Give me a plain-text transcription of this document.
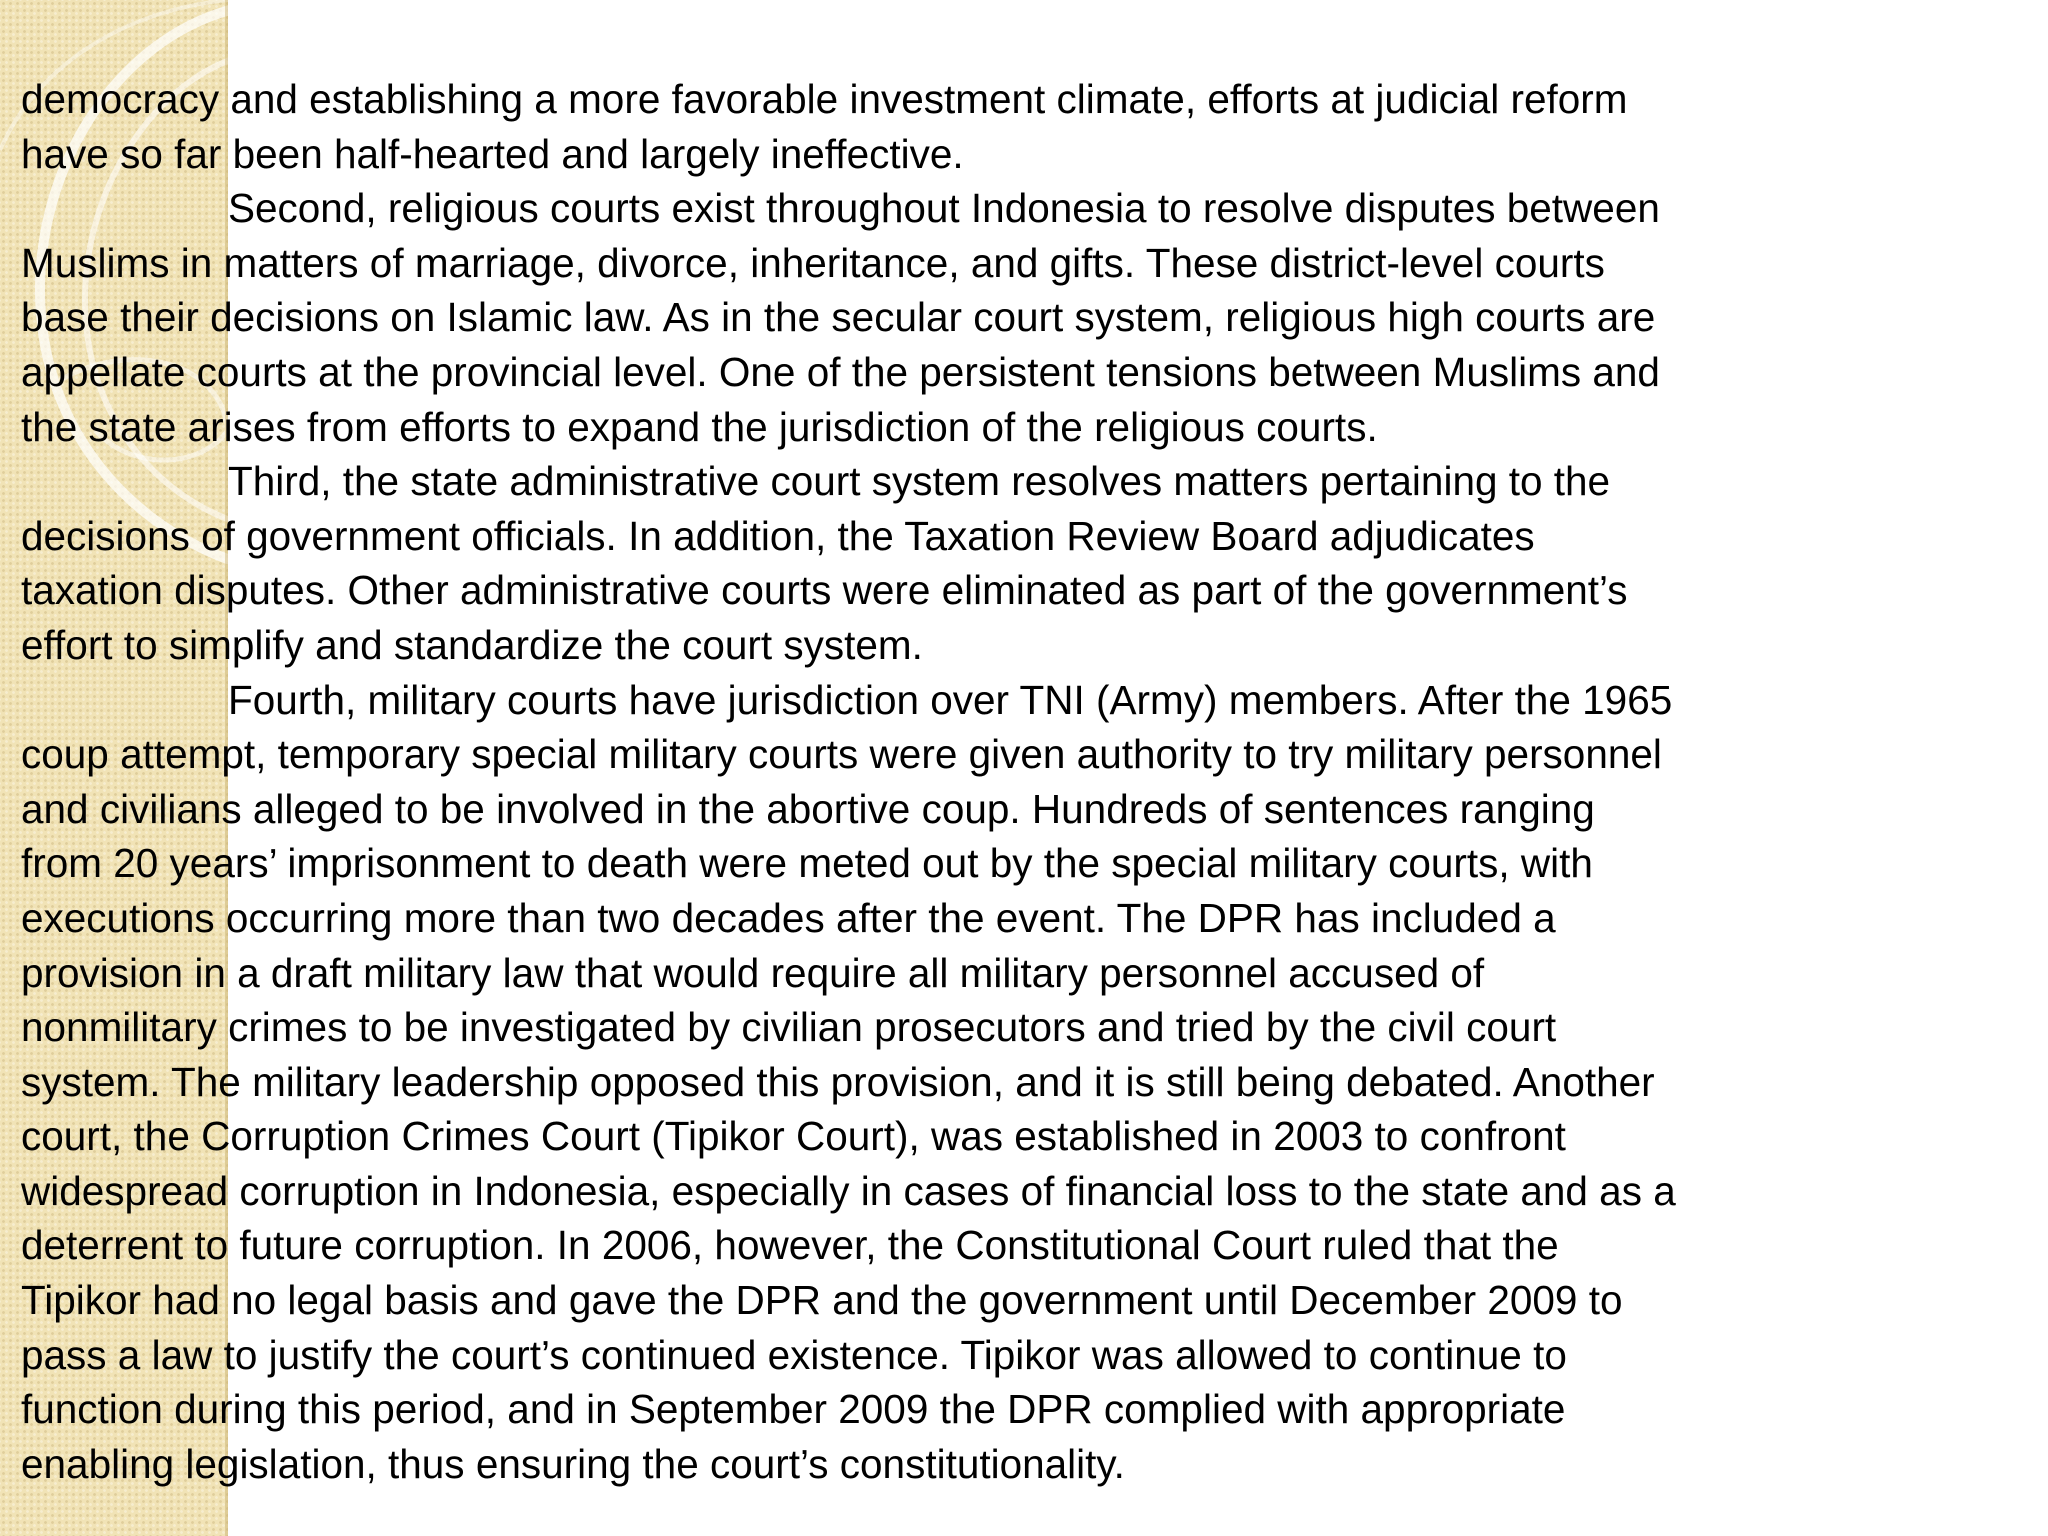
democracy and establishing a more favorable investment climate, efforts at judicial reform
have so far been half-hearted and largely ineffective.
Second, religious courts exist throughout Indonesia to resolve disputes between
Muslims in matters of marriage, divorce, inheritance, and gifts. These district-level courts
base their decisions on Islamic law. As in the secular court system, religious high courts are
appellate courts at the provincial level. One of the persistent tensions between Muslims and
the state arises from efforts to expand the jurisdiction of the religious courts.
Third, the state administrative court system resolves matters pertaining to the
decisions of government officials. In addition, the Taxation Review Board adjudicates
taxation disputes. Other administrative courts were eliminated as part of the government’s
effort to simplify and standardize the court system.
Fourth, military courts have jurisdiction over TNI (Army) members. After the 1965
coup attempt, temporary special military courts were given authority to try military personnel
and civilians alleged to be involved in the abortive coup. Hundreds of sentences ranging
from 20 years’ imprisonment to death were meted out by the special military courts, with
executions occurring more than two decades after the event. The DPR has included a
provision in a draft military law that would require all military personnel accused of
nonmilitary crimes to be investigated by civilian prosecutors and tried by the civil court
system. The military leadership opposed this provision, and it is still being debated. Another
court, the Corruption Crimes Court (Tipikor Court), was established in 2003 to confront
widespread corruption in Indonesia, especially in cases of financial loss to the state and as a
deterrent to future corruption. In 2006, however, the Constitutional Court ruled that the
Tipikor had no legal basis and gave the DPR and the government until December 2009 to
pass a law to justify the court’s continued existence. Tipikor was allowed to continue to
function during this period, and in September 2009 the DPR complied with appropriate
enabling legislation, thus ensuring the court’s constitutionality.
